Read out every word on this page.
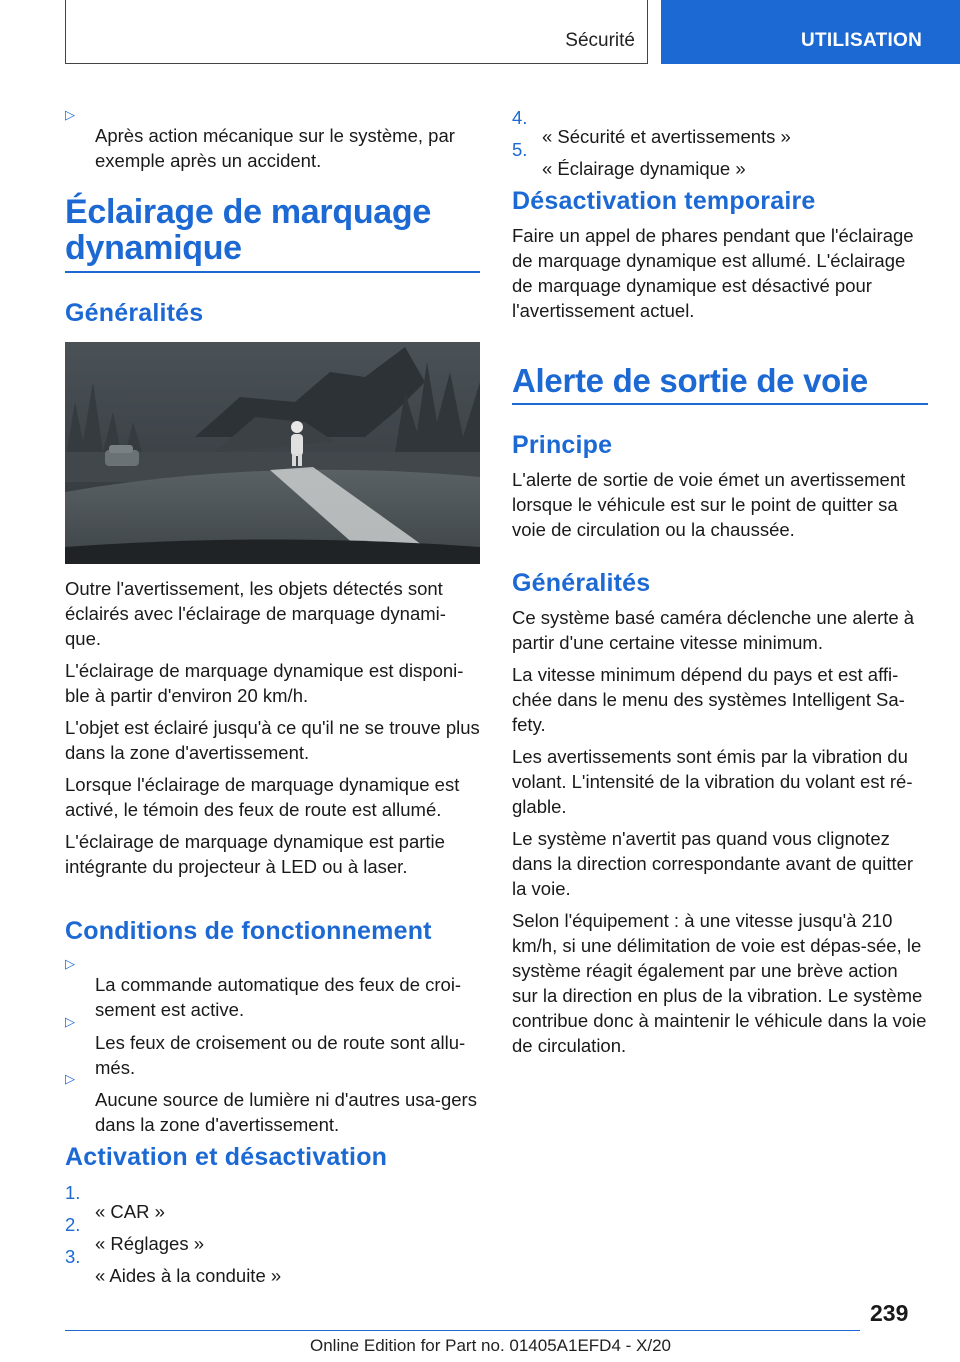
Sécurité	UTILISATION
▷

Après action mécanique sur le système, par exemple après un accident.

Éclairage de marquage dynamique
Généralités

Outre l'avertissement, les objets détectés sont éclairés avec l'éclairage de marquage dynami-que.

L'éclairage de marquage dynamique est disponi-ble à partir d'environ 20 km/h.

L'objet est éclairé jusqu'à ce qu'il ne se trouve plus dans la zone d'avertissement.

Lorsque l'éclairage de marquage dynamique est activé, le témoin des feux de route est allumé.

L'éclairage de marquage dynamique est partie intégrante du projecteur à LED ou à laser.

Conditions de fonctionnement
▷

La commande automatique des feux de croi-sement est active.

▷

Les feux de croisement ou de route sont allu-més.

▷

Aucune source de lumière ni d'autres usa-gers dans la zone d'avertissement.

Activation et désactivation
1.

« CAR »

2.

« Réglages »

3.

« Aides à la conduite »

4.

« Sécurité et avertissements »

5.

« Éclairage dynamique »

Désactivation temporaire

Faire un appel de phares pendant que l'éclairage de marquage dynamique est allumé. L'éclairage de marquage dynamique est désactivé pour l'avertissement actuel.

Alerte de sortie de voie
Principe

L'alerte de sortie de voie émet un avertissement lorsque le véhicule est sur le point de quitter sa voie de circulation ou la chaussée.

Généralités

Ce système basé caméra déclenche une alerte à partir d'une certaine vitesse minimum.

La vitesse minimum dépend du pays et est affi-chée dans le menu des systèmes Intelligent Sa-fety.

Les avertissements sont émis par la vibration du volant. L'intensité de la vibration du volant est ré-glable.

Le système n'avertit pas quand vous clignotez dans la direction correspondante avant de quitter la voie.

Selon l'équipement : à une vitesse jusqu'à 210 km/h, si une délimitation de voie est dépas-sée, le système réagit également par une brève action sur la direction en plus de la vibration. Le système contribue donc à maintenir le véhicule dans la voie de circulation.

239
Online Edition for Part no. 01405A1EFD4 - X/20
